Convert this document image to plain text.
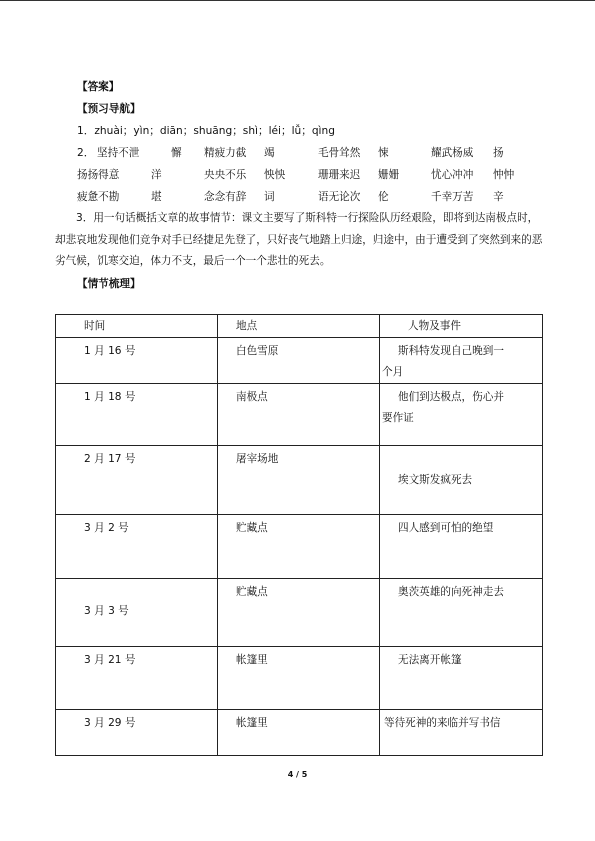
【答案】
【预习导航】
1．zhuài；yìn；diān；shuāng；shì；léi；lǚ；qìng
2． 坚持不泄	懈 精疲力截 竭	毛骨耸然 悚	耀武杨威 扬
扬扬得意	洋	央央不乐 怏怏	珊珊来迟 姗姗	忧心冲冲 忡忡
疲惫不勘	堪	念念有辞 词	语无论次 伦	千幸万苦 辛
3．用一句话概括文章的故事情节：课文主要写了斯科特一行探险队历经艰险，即将到达南极点时，却悲哀地发现他们竞争对手已经捷足先登了，只好丧气地踏上归途，归途中，由于遭受到了突然到来的恶劣气候，饥寒交迫，体力不支，最后一个一个悲壮的死去。
【情节梳理】
时间	地点	人物及事件

1 月 16 号	白色雪原	斯科特发现自己晚到一
个月

1 月 18 号	南极点	他们到达极点，伤心并
要作证

2 月 17 号	屠宰场地	埃文斯发疯死去

3 月 2 号	贮藏点	四人感到可怕的绝望

3 月 3 号	贮藏点	奥茨英雄的向死神走去

3 月 21 号	帐篷里	无法离开帐篷

3 月 29 号	帐篷里	等待死神的来临并写书信
4 / 5
